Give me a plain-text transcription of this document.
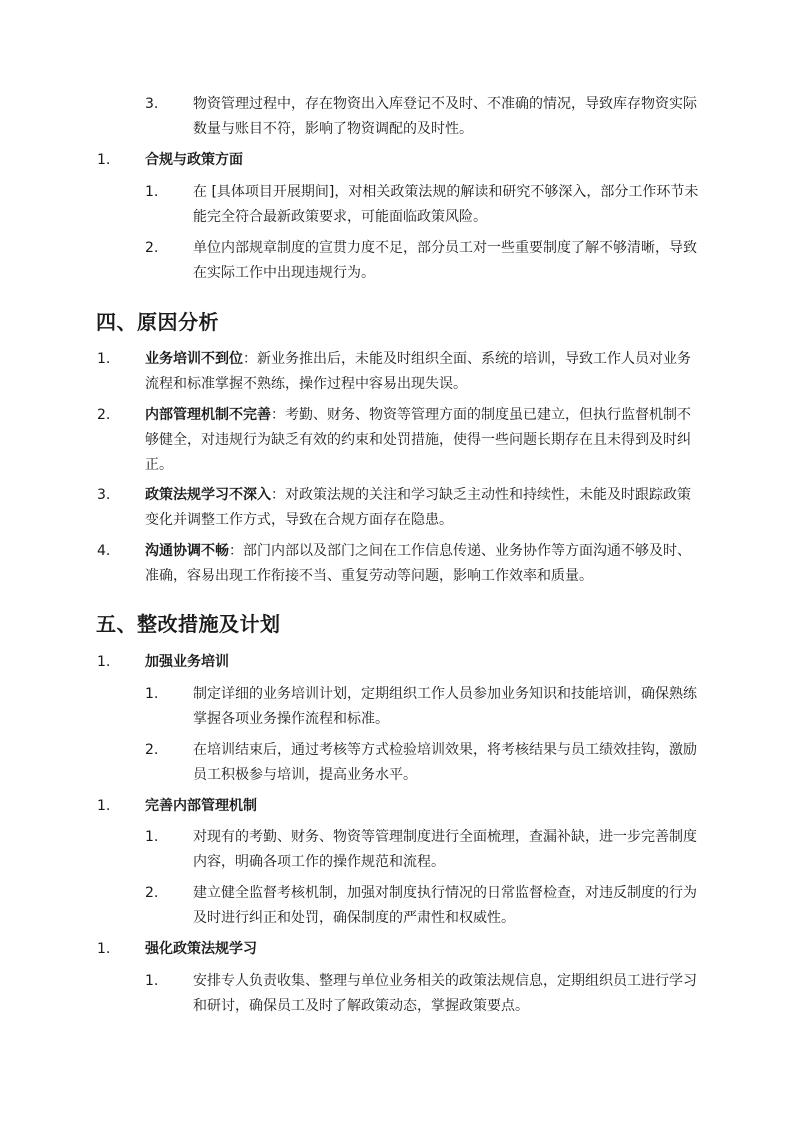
3. 物资管理过程中，存在物资出入库登记不及时、不准确的情况，导致库存物资实际数量与账目不符，影响了物资调配的及时性。
1. 合规与政策方面
1. 在 [具体项目开展期间]，对相关政策法规的解读和研究不够深入，部分工作环节未能完全符合最新政策要求，可能面临政策风险。
2. 单位内部规章制度的宣贯力度不足，部分员工对一些重要制度了解不够清晰，导致在实际工作中出现违规行为。
四、原因分析
1. 业务培训不到位：新业务推出后，未能及时组织全面、系统的培训，导致工作人员对业务流程和标准掌握不熟练，操作过程中容易出现失误。
2. 内部管理机制不完善：考勤、财务、物资等管理方面的制度虽已建立，但执行监督机制不够健全，对违规行为缺乏有效的约束和处罚措施，使得一些问题长期存在且未得到及时纠正。
3. 政策法规学习不深入：对政策法规的关注和学习缺乏主动性和持续性，未能及时跟踪政策变化并调整工作方式，导致在合规方面存在隐患。
4. 沟通协调不畅：部门内部以及部门之间在工作信息传递、业务协作等方面沟通不够及时、准确，容易出现工作衔接不当、重复劳动等问题，影响工作效率和质量。
五、整改措施及计划
1. 加强业务培训
1. 制定详细的业务培训计划，定期组织工作人员参加业务知识和技能培训，确保熟练掌握各项业务操作流程和标准。
2. 在培训结束后，通过考核等方式检验培训效果，将考核结果与员工绩效挂钩，激励员工积极参与培训，提高业务水平。
1. 完善内部管理机制
1. 对现有的考勤、财务、物资等管理制度进行全面梳理，查漏补缺，进一步完善制度内容，明确各项工作的操作规范和流程。
2. 建立健全监督考核机制，加强对制度执行情况的日常监督检查，对违反制度的行为及时进行纠正和处罚，确保制度的严肃性和权威性。
1. 强化政策法规学习
1. 安排专人负责收集、整理与单位业务相关的政策法规信息，定期组织员工进行学习和研讨，确保员工及时了解政策动态，掌握政策要点。
